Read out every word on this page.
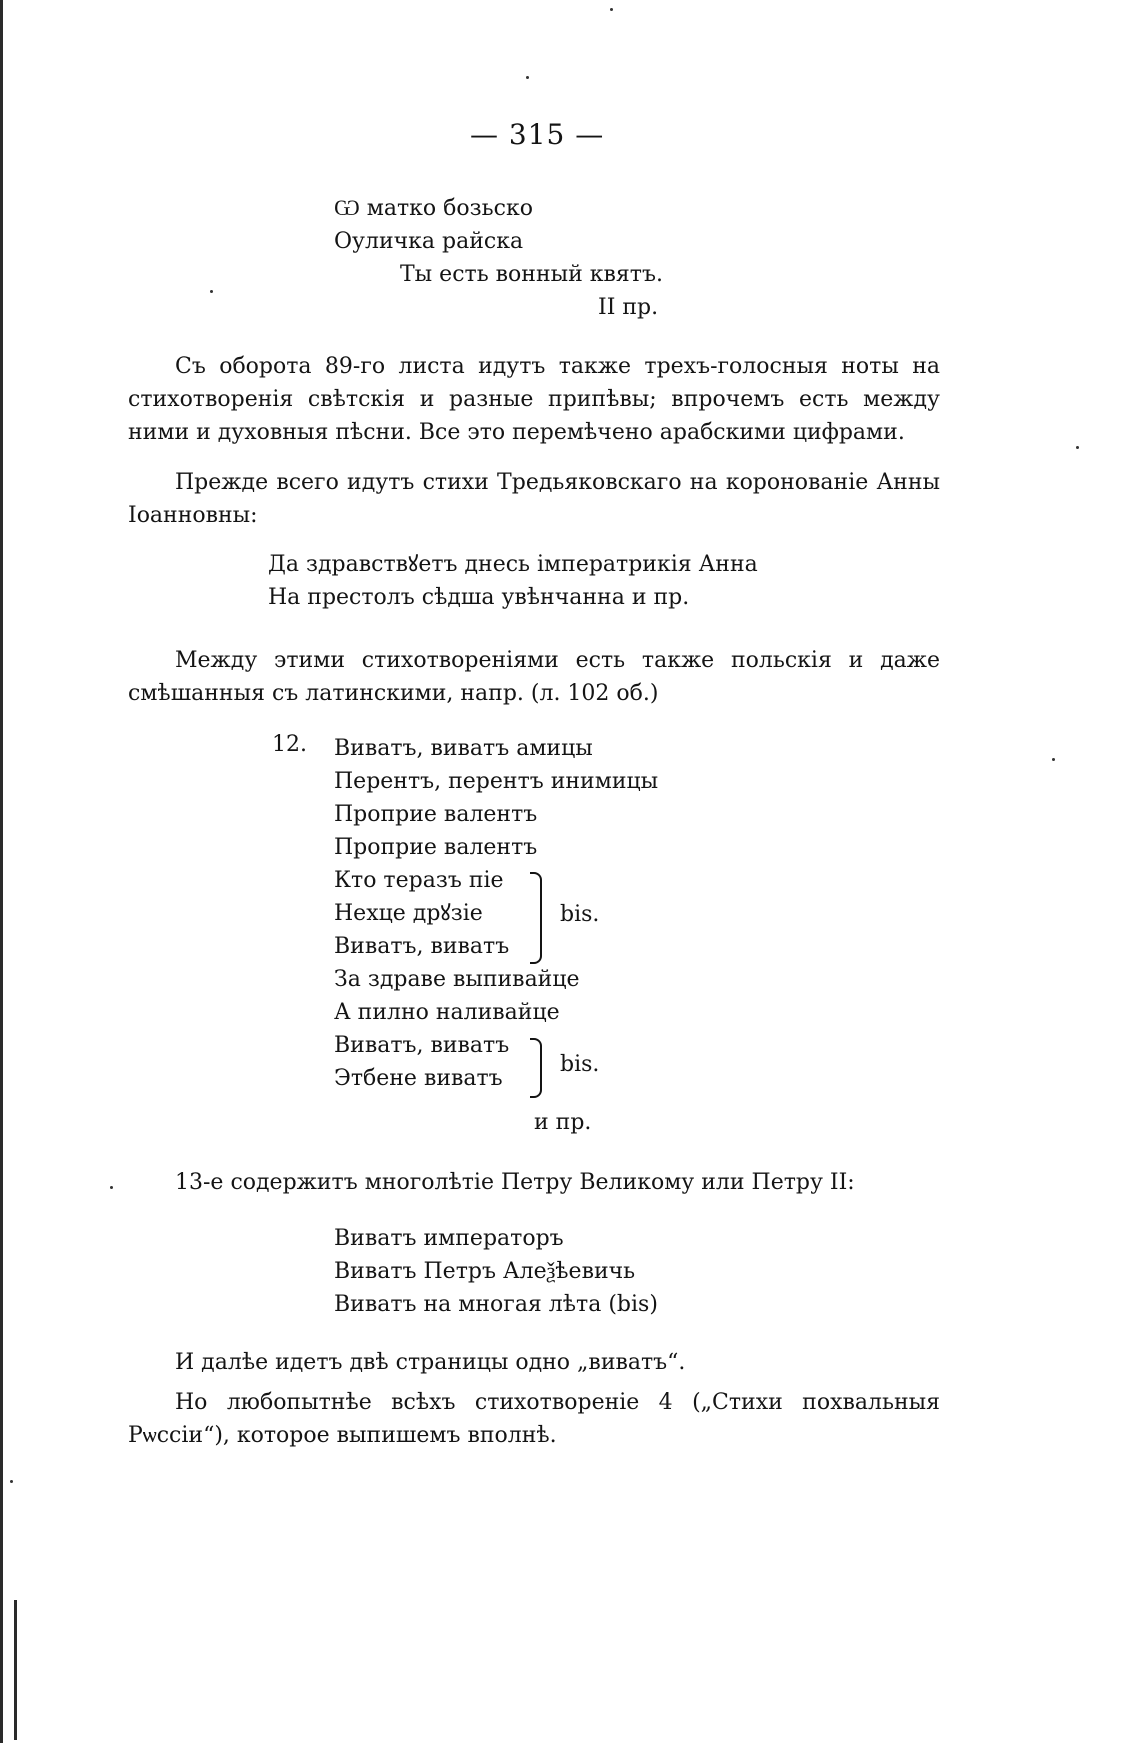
— 315 —
Ѡ матко бозьско
Оуличка райска
Ты есть вонный квятъ.
II пр.
Съ оборота 89-го листа идутъ также трехъ-голосныя ноты на стихотворенія свѣтскія и разные припѣвы; впрочемъ есть между ними и духовныя пѣсни. Все это перемѣчено арабскими цифрами.
Прежде всего идутъ стихи Тредьяковскаго на коронованіе Анны Іоанновны:
Да здравствꙋетъ днесь імператрикія Анна
На престолъ сѣдша увѣнчанна и пр.
Между этими стихотвореніями есть также польскія и даже смѣшанныя съ латинскими, напр. (л. 102 об.)
12. Виватъ, виватъ амицы
Перентъ, перентъ инимицы
Проприе валентъ
Проприе валентъ
Кто теразъ пie
Нехце дрꙋзie
Виватъ, виватъ
За здраве выпивайце
А пилно наливайце
Виватъ, виватъ
Этбене виватъ
bis.
bis.
и пр.
13-е содержитъ многолѣтіе Петру Великому или Петру II:
Виватъ императоръ
Виватъ Петръ Алеѯѣевичь
Виватъ на многая лѣта (bis)
И далѣе идетъ двѣ страницы одно „виватъ“.
Но любопытнѣе всѣхъ стихотвореніе 4 („Стихи похвальныя Рѡссіи“), которое выпишемъ вполнѣ.
